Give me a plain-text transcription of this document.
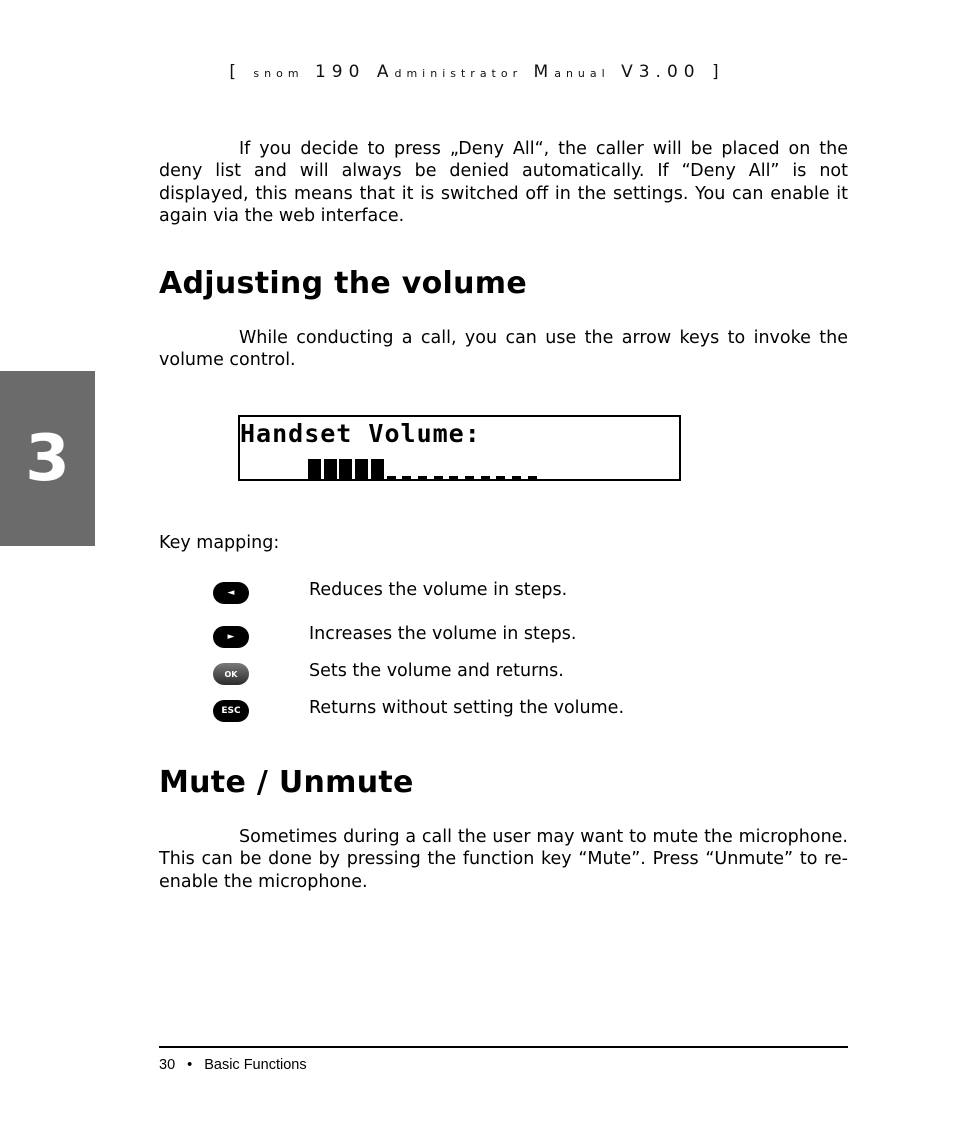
[ snom 190 Administrator Manual V3.00 ]

If you decide to press „Deny All“, the caller will be placed on the deny list and will always be denied automatically. If “Deny All” is not displayed, this means that it is switched off in the settings. You can enable it again via the web interface.

Adjusting the volume

While conducting a call, you can use the arrow keys to invoke the volume control.

3	Handset Volume:

Key mapping:

◄	Reduces the volume in steps.
►	Increases the volume in steps.
OK	Sets the volume and returns.
ESC	Returns without setting the volume.
Mute / Unmute

Sometimes during a call the user may want to mute the microphone. This can be done by pressing the function key “Mute”. Press “Unmute” to re-enable the microphone.

30 • Basic Functions
